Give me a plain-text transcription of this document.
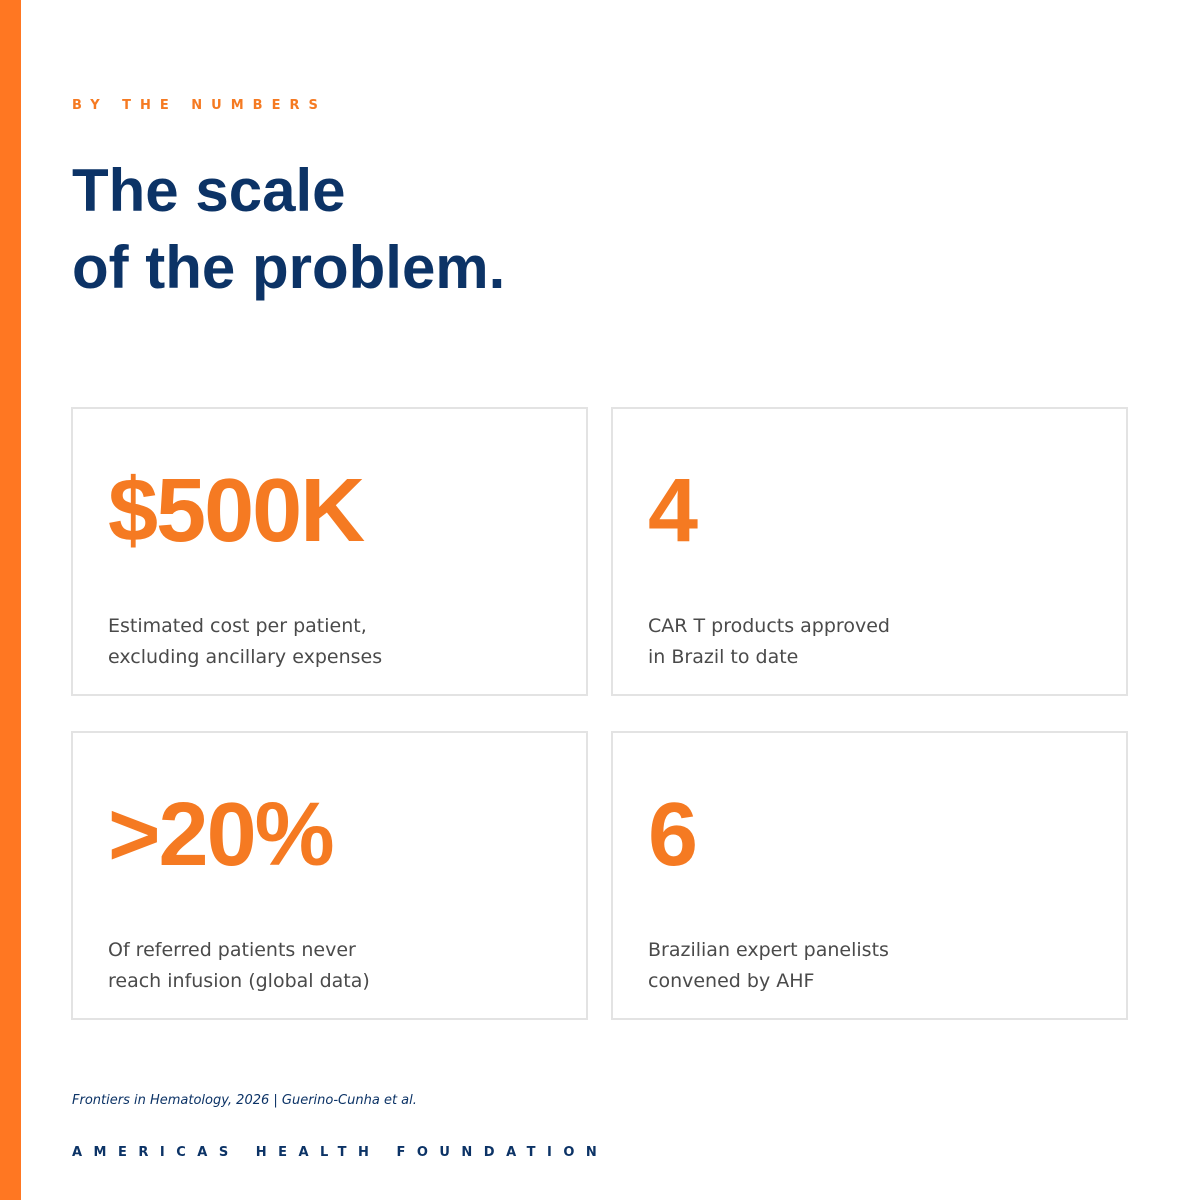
BY THE NUMBERS
The scale
of the problem.
$500K
Estimated cost per patient,
excluding ancillary expenses
4
CAR T products approved
in Brazil to date
>20%
Of referred patients never
reach infusion (global data)
6
Brazilian expert panelists
convened by AHF
Frontiers in Hematology, 2026 | Guerino-Cunha et al.
AMERICAS HEALTH FOUNDATION
